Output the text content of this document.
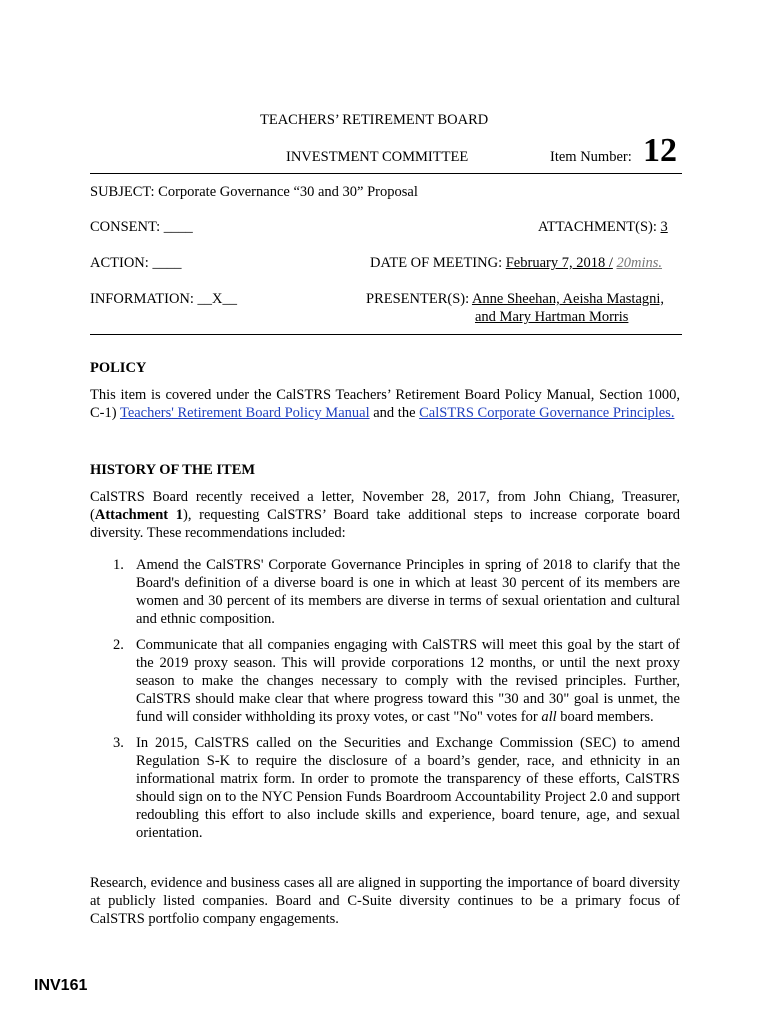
TEACHERS’ RETIREMENT BOARD
INVESTMENT COMMITTEE	Item Number: 12
SUBJECT: Corporate Governance “30 and 30” Proposal
CONSENT: ____	ATTACHMENT(S): 3
ACTION: ____	DATE OF MEETING: February 7, 2018 / 20mins.
INFORMATION: __X__	PRESENTER(S): Anne Sheehan, Aeisha Mastagni,
and Mary Hartman Morris
POLICY
This item is covered under the CalSTRS Teachers’ Retirement Board Policy Manual, Section 1000, C-1) Teachers' Retirement Board Policy Manual and the CalSTRS Corporate Governance Principles.
HISTORY OF THE ITEM
CalSTRS Board recently received a letter, November 28, 2017, from John Chiang, Treasurer, (Attachment 1), requesting CalSTRS’ Board take additional steps to increase corporate board diversity. These recommendations included:
1. Amend the CalSTRS' Corporate Governance Principles in spring of 2018 to clarify that the Board's definition of a diverse board is one in which at least 30 percent of its members are women and 30 percent of its members are diverse in terms of sexual orientation and cultural and ethnic composition.
2. Communicate that all companies engaging with CalSTRS will meet this goal by the start of the 2019 proxy season. This will provide corporations 12 months, or until the next proxy season to make the changes necessary to comply with the revised principles. Further, CalSTRS should make clear that where progress toward this "30 and 30" goal is unmet, the fund will consider withholding its proxy votes, or cast "No" votes for all board members.
3. In 2015, CalSTRS called on the Securities and Exchange Commission (SEC) to amend Regulation S-K to require the disclosure of a board’s gender, race, and ethnicity in an informational matrix form. In order to promote the transparency of these efforts, CalSTRS should sign on to the NYC Pension Funds Boardroom Accountability Project 2.0 and support redoubling this effort to also include skills and experience, board tenure, age, and sexual orientation.
Research, evidence and business cases all are aligned in supporting the importance of board diversity at publicly listed companies. Board and C-Suite diversity continues to be a primary focus of CalSTRS portfolio company engagements.
INV161
